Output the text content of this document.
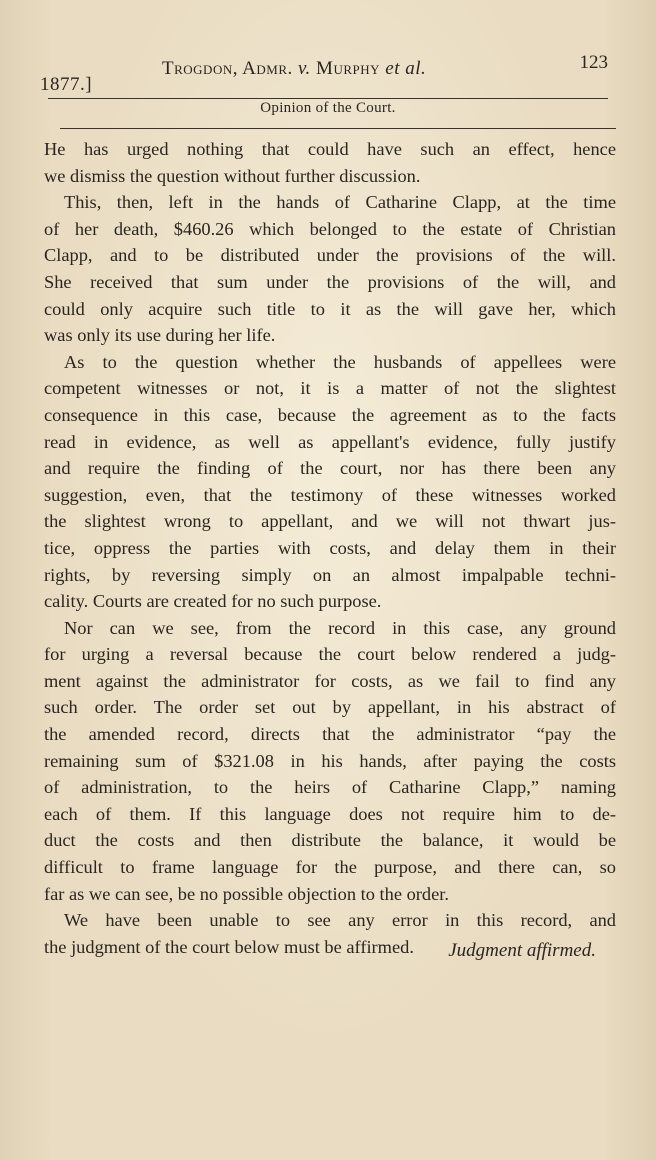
1877.]
Trogdon, Admr. v. Murphy et al.	123
Opinion of the Court.
He has urged nothing that could have such an effect, hence
we dismiss the question without further discussion.
This, then, left in the hands of Catharine Clapp, at the time
of her death, $460.26 which belonged to the estate of Christian
Clapp, and to be distributed under the provisions of the will.
She received that sum under the provisions of the will, and
could only acquire such title to it as the will gave her, which
was only its use during her life.
As to the question whether the husbands of appellees were
competent witnesses or not, it is a matter of not the slightest
consequence in this case, because the agreement as to the facts
read in evidence, as well as appellant's evidence, fully justify
and require the finding of the court, nor has there been any
suggestion, even, that the testimony of these witnesses worked
the slightest wrong to appellant, and we will not thwart jus-
tice, oppress the parties with costs, and delay them in their
rights, by reversing simply on an almost impalpable techni-
cality. Courts are created for no such purpose.
Nor can we see, from the record in this case, any ground
for urging a reversal because the court below rendered a judg-
ment against the administrator for costs, as we fail to find any
such order. The order set out by appellant, in his abstract of
the amended record, directs that the administrator “pay the
remaining sum of $321.08 in his hands, after paying the costs
of administration, to the heirs of Catharine Clapp,” naming
each of them. If this language does not require him to de-
duct the costs and then distribute the balance, it would be
difficult to frame language for the purpose, and there can, so
far as we can see, be no possible objection to the order.
We have been unable to see any error in this record, and
the judgment of the court below must be affirmed.	Judgment affirmed.
